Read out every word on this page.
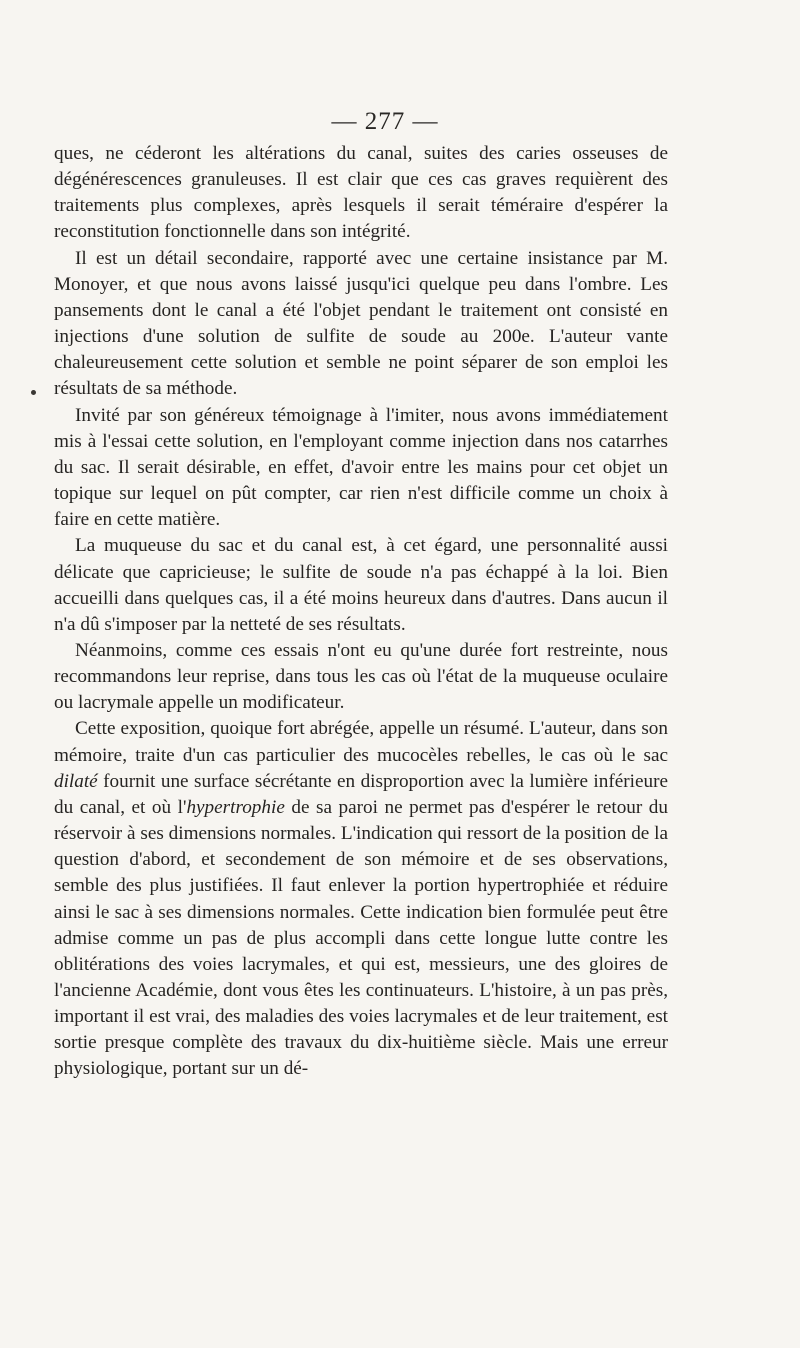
— 277 —

ques, ne céderont les altérations du canal, suites des caries osseuses de dégénérescences granuleuses. Il est clair que ces cas graves requièrent des traitements plus complexes, après lesquels il serait téméraire d'espérer la reconstitution fonctionnelle dans son intégrité.

Il est un détail secondaire, rapporté avec une certaine insistance par M. Monoyer, et que nous avons laissé jusqu'ici quelque peu dans l'ombre. Les pansements dont le canal a été l'objet pendant le traitement ont consisté en injections d'une solution de sulfite de soude au 200e. L'auteur vante chaleureusement cette solution et semble ne point séparer de son emploi les résultats de sa méthode.

Invité par son généreux témoignage à l'imiter, nous avons immédiatement mis à l'essai cette solution, en l'employant comme injection dans nos catarrhes du sac. Il serait désirable, en effet, d'avoir entre les mains pour cet objet un topique sur lequel on pût compter, car rien n'est difficile comme un choix à faire en cette matière.

La muqueuse du sac et du canal est, à cet égard, une personnalité aussi délicate que capricieuse; le sulfite de soude n'a pas échappé à la loi. Bien accueilli dans quelques cas, il a été moins heureux dans d'autres. Dans aucun il n'a dû s'imposer par la netteté de ses résultats.

Néanmoins, comme ces essais n'ont eu qu'une durée fort restreinte, nous recommandons leur reprise, dans tous les cas où l'état de la muqueuse oculaire ou lacrymale appelle un modificateur.

Cette exposition, quoique fort abrégée, appelle un résumé. L'auteur, dans son mémoire, traite d'un cas particulier des mucocèles rebelles, le cas où le sac dilaté fournit une surface sécrétante en disproportion avec la lumière inférieure du canal, et où l'hypertrophie de sa paroi ne permet pas d'espérer le retour du réservoir à ses dimensions normales. L'indication qui ressort de la position de la question d'abord, et secondement de son mémoire et de ses observations, semble des plus justifiées. Il faut enlever la portion hypertrophiée et réduire ainsi le sac à ses dimensions normales. Cette indication bien formulée peut être admise comme un pas de plus accompli dans cette longue lutte contre les oblitérations des voies lacrymales, et qui est, messieurs, une des gloires de l'ancienne Académie, dont vous êtes les continuateurs. L'histoire, à un pas près, important il est vrai, des maladies des voies lacrymales et de leur traitement, est sortie presque complète des travaux du dix-huitième siècle. Mais une erreur physiologique, portant sur un dé-
